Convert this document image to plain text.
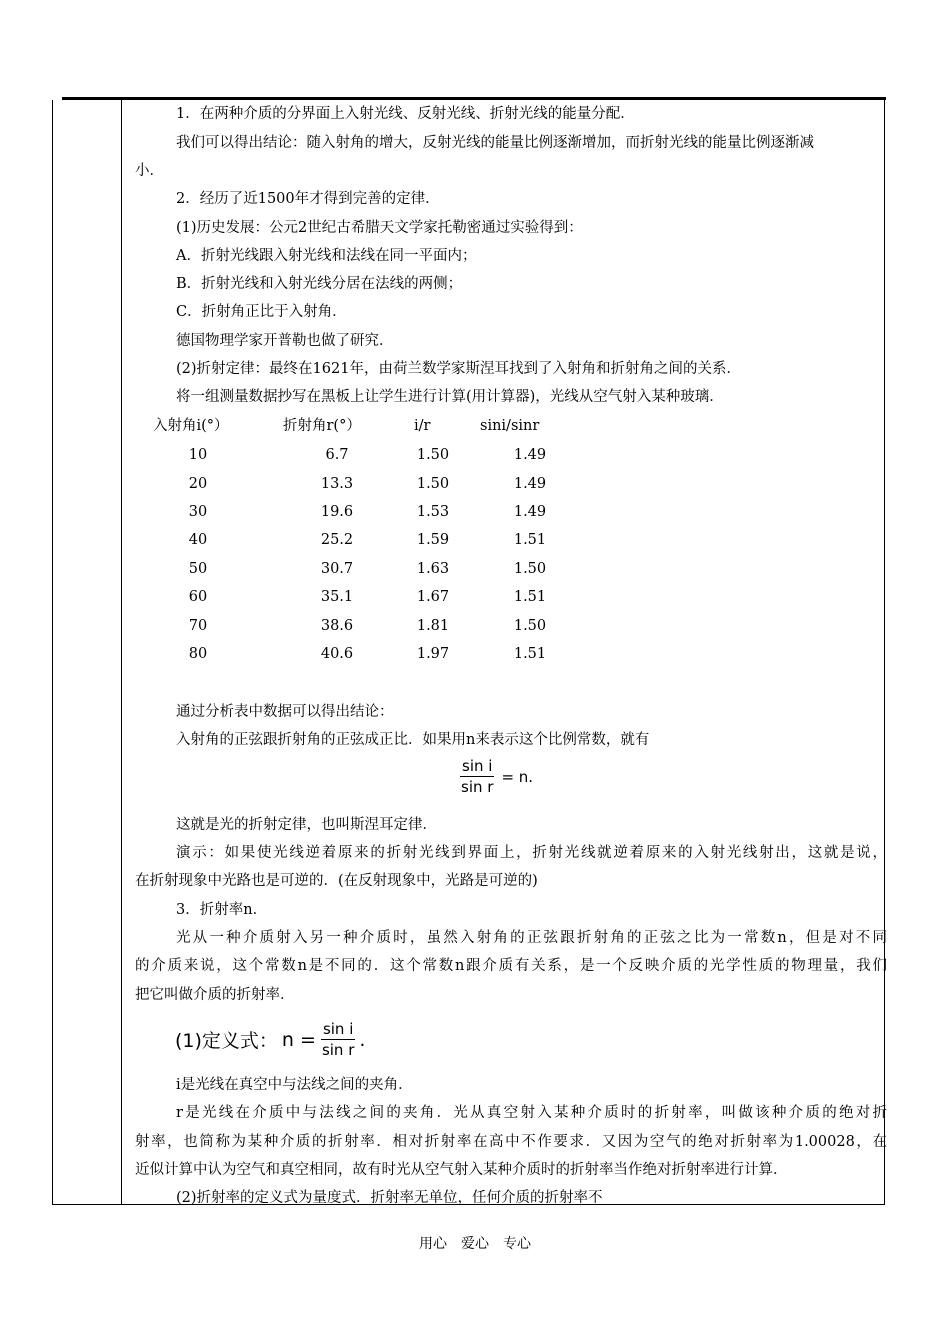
1．在两种介质的分界面上入射光线、反射光线、折射光线的能量分配．
我们可以得出结论：随入射角的增大，反射光线的能量比例逐渐增加，而折射光线的能量比例逐渐减
小．
2．经历了近1500年才得到完善的定律．
(1)历史发展：公元2世纪古希腊天文学家托勒密通过实验得到：
A．折射光线跟入射光线和法线在同一平面内；
B．折射光线和入射光线分居在法线的两侧；
C．折射角正比于入射角．
德国物理学家开普勒也做了研究．
(2)折射定律：最终在1621年，由荷兰数学家斯涅耳找到了入射角和折射角之间的关系．
将一组测量数据抄写在黑板上让学生进行计算(用计算器)，光线从空气射入某种玻璃．
入射角i(°）	折射角r(°）	i/r	sini/sinr
10	6.7	1.50	1.49
20	13.3	1.50	1.49
30	19.6	1.53	1.49
40	25.2	1.59	1.51
50	30.7	1.63	1.50
60	35.1	1.67	1.51
70	38.6	1.81	1.50
80	40.6	1.97	1.51
通过分析表中数据可以得出结论：
入射角的正弦跟折射角的正弦成正比．如果用n来表示这个比例常数，就有
$\frac{\text{sin i}}{\text{sin r}} = n$.
这就是光的折射定律，也叫斯涅耳定律．
演示：如果使光线逆着原来的折射光线到界面上，折射光线就逆着原来的入射光线射出，这就是说，
在折射现象中光路也是可逆的．(在反射现象中，光路是可逆的)
3．折射率n．
光从一种介质射入另一种介质时，虽然入射角的正弦跟折射角的正弦之比为一常数n，但是对不同
的介质来说，这个常数n是不同的．这个常数n跟介质有关系，是一个反映介质的光学性质的物理量，我们
把它叫做介质的折射率．
(1)定义式： $n = \frac{\text{sin i}}{\text{sin r}}$ .
i是光线在真空中与法线之间的夹角．
r是光线在介质中与法线之间的夹角．光从真空射入某种介质时的折射率，叫做该种介质的绝对折
射率，也简称为某种介质的折射率．相对折射率在高中不作要求．又因为空气的绝对折射率为1.00028，在
近似计算中认为空气和真空相同，故有时光从空气射入某种介质时的折射率当作绝对折射率进行计算．
(2)折射率的定义式为量度式．折射率无单位，任何介质的折射率不
用心　爱心　专心
